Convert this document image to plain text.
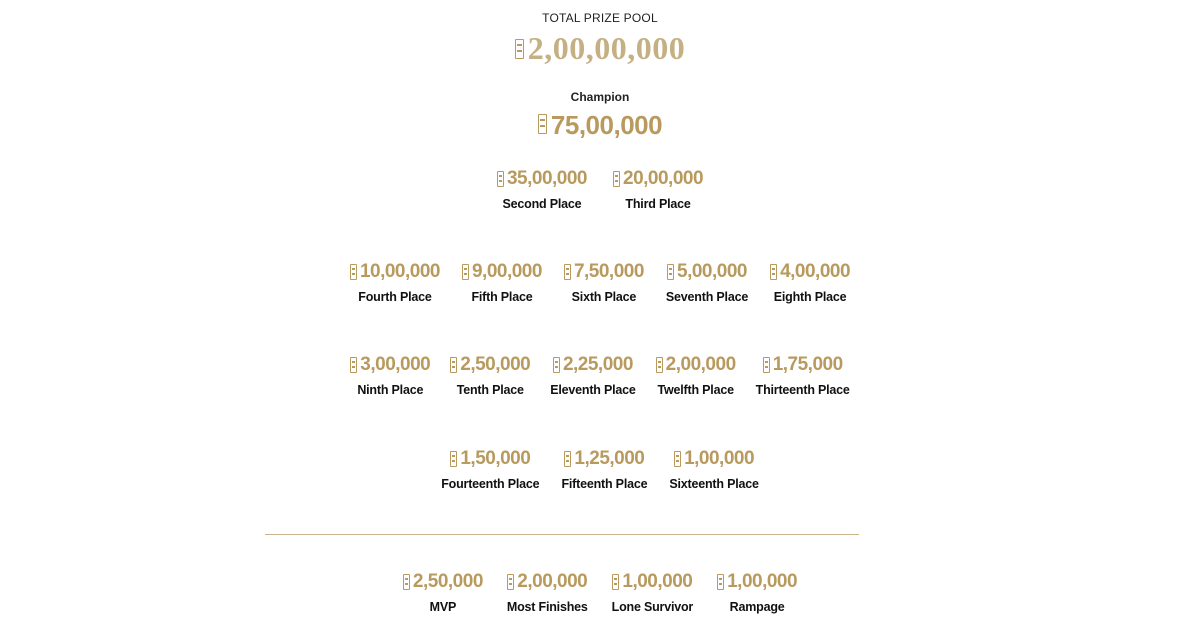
TOTAL PRIZE POOL
2,00,00,000
Champion
75,00,000
35,00,000
Second Place
20,00,000
Third Place
10,00,000
Fourth Place
9,00,000
Fifth Place
7,50,000
Sixth Place
5,00,000
Seventh Place
4,00,000
Eighth Place
3,00,000
Ninth Place
2,50,000
Tenth Place
2,25,000
Eleventh Place
2,00,000
Twelfth Place
1,75,000
Thirteenth Place
1,50,000
Fourteenth Place
1,25,000
Fifteenth Place
1,00,000
Sixteenth Place
2,50,000
MVP
2,00,000
Most Finishes
1,00,000
Lone Survivor
1,00,000
Rampage
